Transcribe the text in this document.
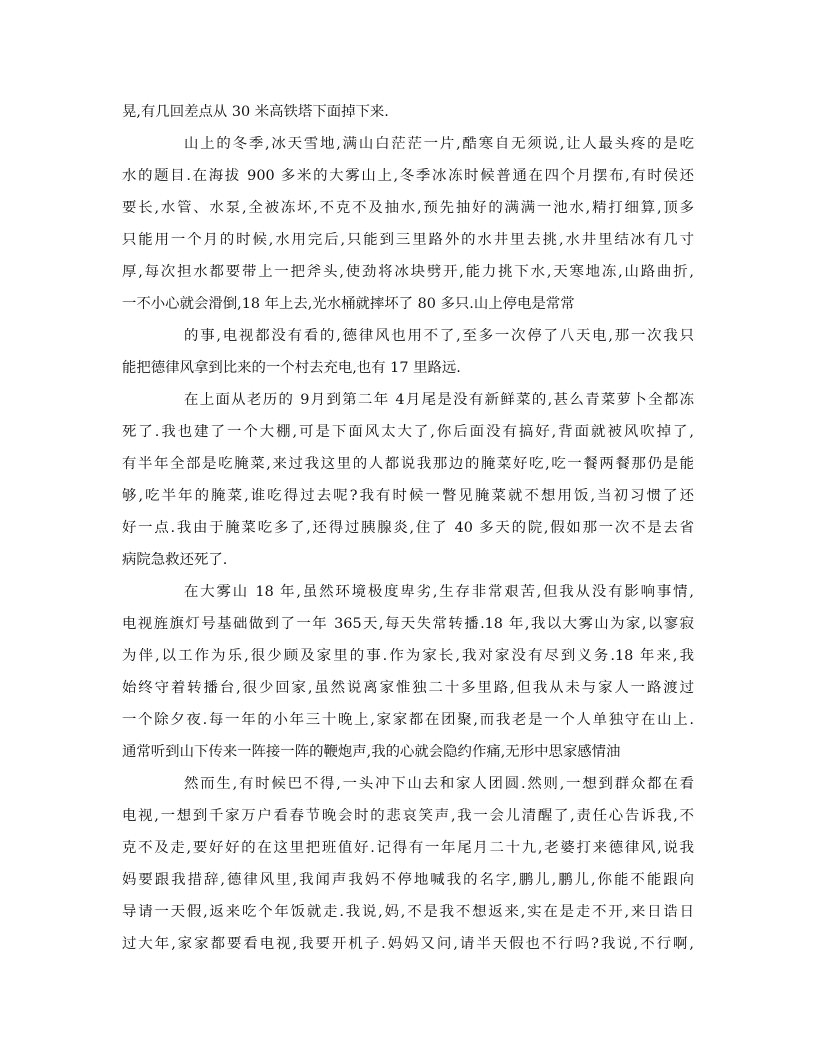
晃,有几回差点从 30 米高铁塔下面掉下来.
山上的冬季,冰天雪地,满山白茫茫一片,酷寒自无须说,让人最头疼的是吃
水的题目.在海拔 900 多米的大雾山上,冬季冰冻时候普通在四个月摆布,有时侯还
要长,水管、水泵,全被冻坏,不克不及抽水,预先抽好的满满一池水,精打细算,顶多
只能用一个月的时候,水用完后,只能到三里路外的水井里去挑,水井里结冰有几寸
厚,每次担水都要带上一把斧头,使劲将冰块劈开,能力挑下水,天寒地冻,山路曲折,
一不小心就会滑倒,18 年上去,光水桶就摔坏了 80 多只.山上停电是常常
的事,电视都没有看的,德律风也用不了,至多一次停了八天电,那一次我只
能把德律风拿到比来的一个村去充电,也有 17 里路远.
在上面从老历的 9月到第二年 4月尾是没有新鲜菜的,甚么青菜萝卜全都冻
死了.我也建了一个大棚,可是下面风太大了,你后面没有搞好,背面就被风吹掉了,
有半年全部是吃腌菜,来过我这里的人都说我那边的腌菜好吃,吃一餐两餐那仍是能
够,吃半年的腌菜,谁吃得过去呢?我有时候一瞥见腌菜就不想用饭,当初习惯了还
好一点.我由于腌菜吃多了,还得过胰腺炎,住了 40 多天的院,假如那一次不是去省
病院急救还死了.
在大雾山 18 年,虽然环境极度卑劣,生存非常艰苦,但我从没有影响事情,
电视旌旗灯号基础做到了一年 365天,每天失常转播.18 年,我以大雾山为家,以寥寂
为伴,以工作为乐,很少顾及家里的事.作为家长,我对家没有尽到义务.18 年来,我
始终守着转播台,很少回家,虽然说离家惟独二十多里路,但我从未与家人一路渡过
一个除夕夜.每一年的小年三十晚上,家家都在团聚,而我老是一个人单独守在山上.
通常听到山下传来一阵接一阵的鞭炮声,我的心就会隐约作痛,无形中思家感情油
然而生,有时候巴不得,一头冲下山去和家人团圆.然则,一想到群众都在看
电视,一想到千家万户看春节晚会时的悲哀笑声,我一会儿清醒了,责任心告诉我,不
克不及走,要好好的在这里把班值好.记得有一年尾月二十九,老婆打来德律风,说我
妈要跟我措辞,德律风里,我闻声我妈不停地喊我的名字,鹏儿,鹏儿,你能不能跟向
导请一天假,返来吃个年饭就走.我说,妈,不是我不想返来,实在是走不开,来日诰日
过大年,家家都要看电视,我要开机子.妈妈又问,请半天假也不行吗?我说,不行啊,
